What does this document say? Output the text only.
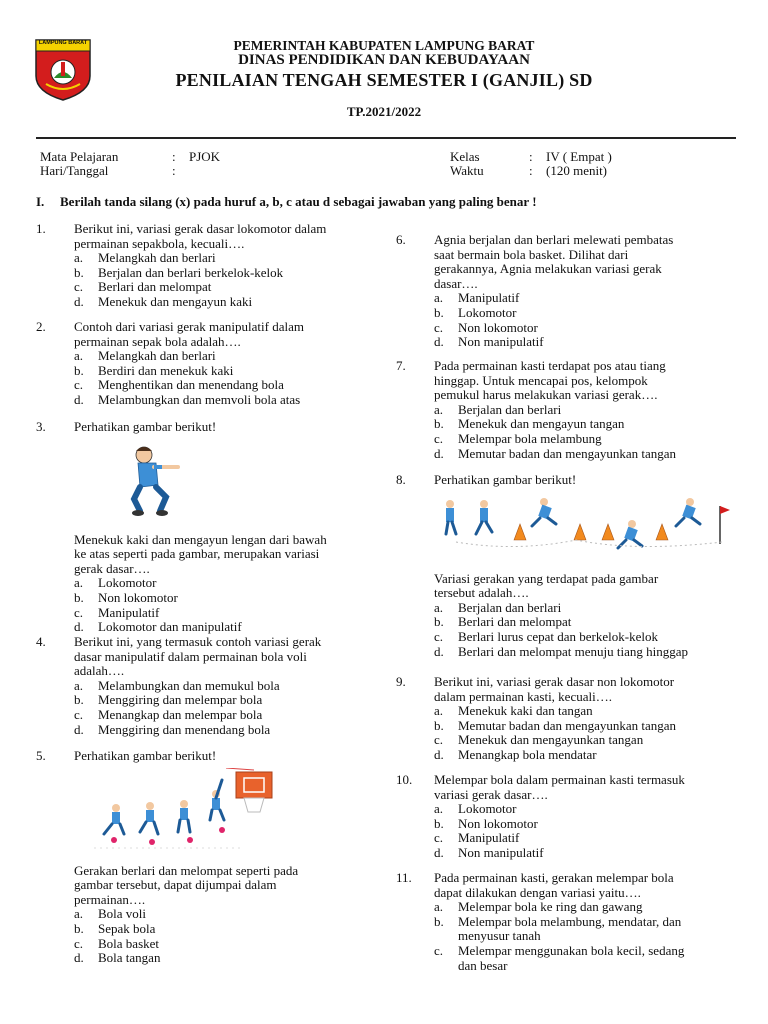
LAMPUNG BARAT	PEMERINTAH KABUPATEN LAMPUNG BARAT
DINAS PENDIDIKAN DAN KEBUDAYAAN
PENILAIAN TENGAH SEMESTER I (GANJIL) SD
TP.2021/2022
Mata Pelajaran	: PJOK
Hari/Tanggal	:
Kelas	: IV ( Empat )
Waktu	: (120 menit)
I. Berilah tanda silang (x) pada huruf a, b, c atau d sebagai jawaban yang paling benar !
1. Berikut ini, variasi gerak dasar lokomotor dalam
permainan sepakbola, kecuali….
a. Melangkah dan berlari
b. Berjalan dan berlari berkelok-kelok
c. Berlari dan melompat
d. Menekuk dan mengayun kaki
2. Contoh dari variasi gerak manipulatif dalam
permainan sepak bola adalah….
a. Melangkah dan berlari
b. Berdiri dan menekuk kaki
c. Menghentikan dan menendang bola
d. Melambungkan dan memvoli bola atas
3. Perhatikan gambar berikut!
Menekuk kaki dan mengayun lengan dari bawah
ke atas seperti pada gambar, merupakan variasi
gerak dasar….
a. Lokomotor
b. Non lokomotor
c. Manipulatif
d. Lokomotor dan manipulatif
4. Berikut ini, yang termasuk contoh variasi gerak
dasar manipulatif dalam permainan bola voli
adalah….
a. Melambungkan dan memukul bola
b. Menggiring dan melempar bola
c. Menangkap dan melempar bola
d. Menggiring dan menendang bola
5. Perhatikan gambar berikut!
Gerakan berlari dan melompat seperti pada
gambar tersebut, dapat dijumpai dalam
permainan….
a. Bola voli
b. Sepak bola
c. Bola basket
d. Bola tangan
6. Agnia berjalan dan berlari melewati pembatas
saat bermain bola basket. Dilihat dari
gerakannya, Agnia melakukan variasi gerak
dasar….
a. Manipulatif
b. Lokomotor
c. Non lokomotor
d. Non manipulatif
7. Pada permainan kasti terdapat pos atau tiang
hinggap. Untuk mencapai pos, kelompok
pemukul harus melakukan variasi gerak….
a. Berjalan dan berlari
b. Menekuk dan mengayun tangan
c. Melempar bola melambung
d. Memutar badan dan mengayunkan tangan
8. Perhatikan gambar berikut!
Variasi gerakan yang terdapat pada gambar
tersebut adalah….
a. Berjalan dan berlari
b. Berlari dan melompat
c. Berlari lurus cepat dan berkelok-kelok
d. Berlari dan melompat menuju tiang hinggap
9. Berikut ini, variasi gerak dasar non lokomotor
dalam permainan kasti, kecuali….
a. Menekuk kaki dan tangan
b. Memutar badan dan mengayunkan tangan
c. Menekuk dan mengayunkan tangan
d. Menangkap bola mendatar
10. Melempar bola dalam permainan kasti termasuk
variasi gerak dasar….
a. Lokomotor
b. Non lokomotor
c. Manipulatif
d. Non manipulatif
11. Pada permainan kasti, gerakan melempar bola
dapat dilakukan dengan variasi yaitu….
a. Melempar bola ke ring dan gawang
b. Melempar bola melambung, mendatar, dan
menyusur tanah
c. Melempar menggunakan bola kecil, sedang
dan besar
